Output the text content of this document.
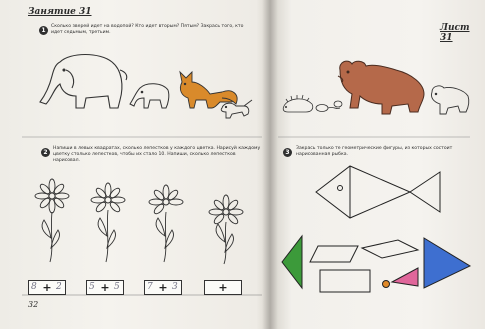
Занятие 31
Лист 31
32
1
Сколько зверей идет на водопой? Кто идет вторым? Пятым? Закрась того, кто идет седьмым, третьим.
2
Напиши в левых квадратах, сколько лепестков у каждого цветка. Нарисуй каждому цветку столько лепестков, чтобы их стало 10. Напиши, сколько лепестков нарисовал.
3
Закрась только те геометрические фигуры, из которых состоит нарисованная рыбка.
8 + 2	5 + 5	7 + 3	+
